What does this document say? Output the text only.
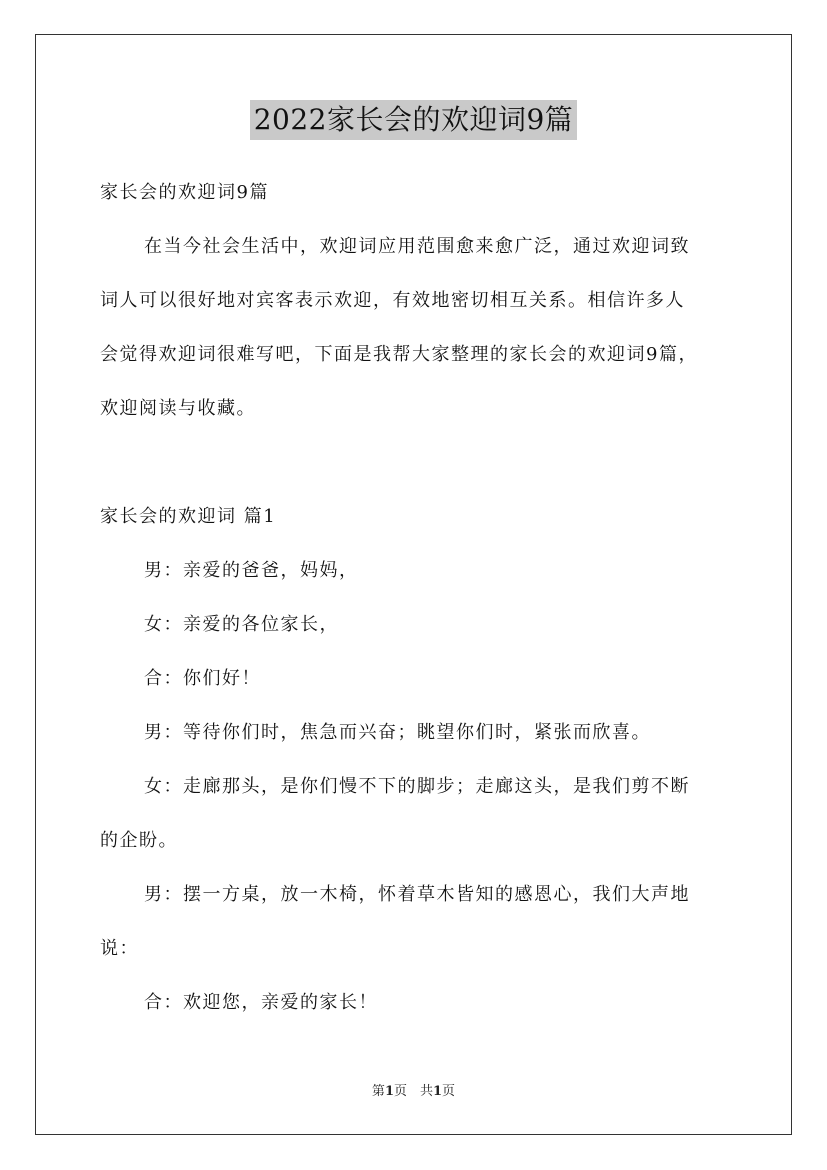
2022家长会的欢迎词9篇

家长会的欢迎词9篇

在当今社会生活中，欢迎词应用范围愈来愈广泛，通过欢迎词致
词人可以很好地对宾客表示欢迎，有效地密切相互关系。相信许多人
会觉得欢迎词很难写吧，下面是我帮大家整理的家长会的欢迎词9篇，
欢迎阅读与收藏。

家长会的欢迎词 篇1

男：亲爱的爸爸，妈妈，

女：亲爱的各位家长，

合：你们好！

男：等待你们时，焦急而兴奋；眺望你们时，紧张而欣喜。

女：走廊那头，是你们慢不下的脚步；走廊这头，是我们剪不断
的企盼。

男：摆一方桌，放一木椅，怀着草木皆知的感恩心，我们大声地
说：

合：欢迎您，亲爱的家长！

第1页　共1页
